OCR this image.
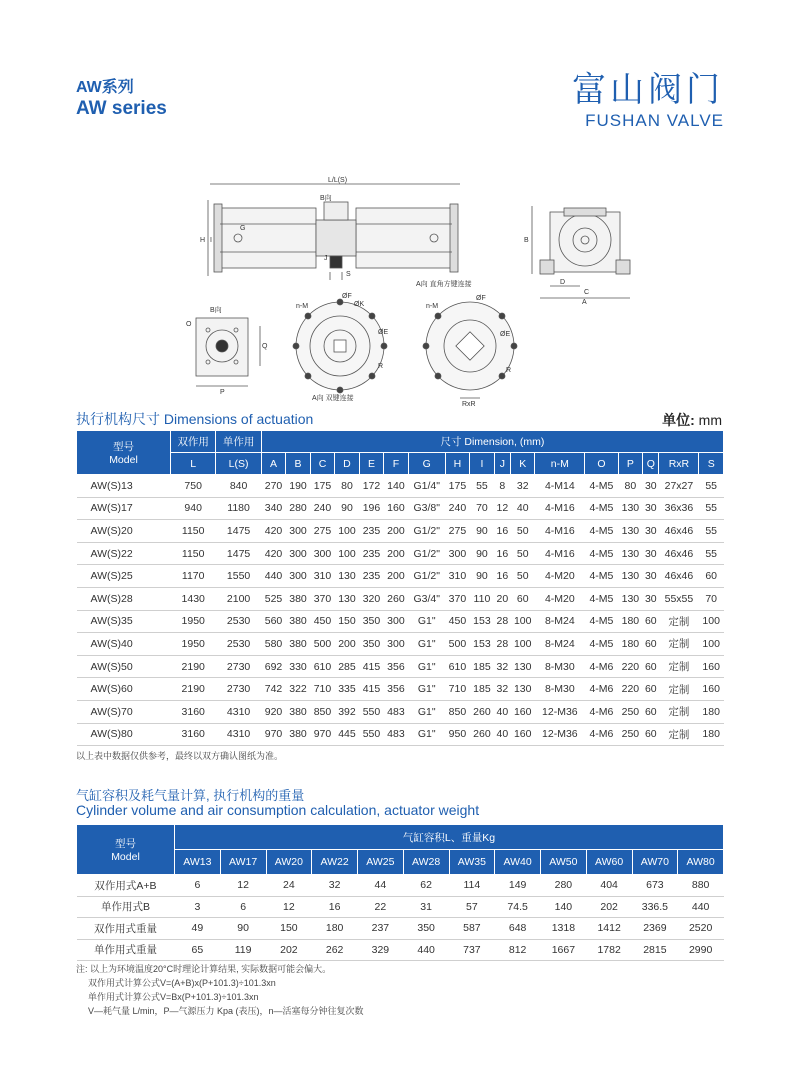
AW系列
AW series	富山阀门
FUSHAN VALVE
L/L(S)
B向
G
H I
J
S
A向 直角方键连接
B
D
C
A
B向
O
Q
P
n-M
ØF
ØK
ØE
R
A向 双键连接
n-M
ØF
ØE
R
RxR
执行机构尺寸 Dimensions of actuation	单位: mm
型号
Model	双作用	单作用	尺寸 Dimension, (mm)																
	L	L(S)	A	B	C	D	E	F	G	H	I	J	K	n-M	O	P	Q	RxR	S
AW(S)13	750	840	270	190	175	80	172	140	G1/4"	175	55	8	32	4-M14	4-M5	80	30	27x27	55
AW(S)17	940	1180	340	280	240	90	196	160	G3/8"	240	70	12	40	4-M16	4-M5	130	30	36x36	55
AW(S)20	1150	1475	420	300	275	100	235	200	G1/2"	275	90	16	50	4-M16	4-M5	130	30	46x46	55
AW(S)22	1150	1475	420	300	300	100	235	200	G1/2"	300	90	16	50	4-M16	4-M5	130	30	46x46	55
AW(S)25	1170	1550	440	300	310	130	235	200	G1/2"	310	90	16	50	4-M20	4-M5	130	30	46x46	60
AW(S)28	1430	2100	525	380	370	130	320	260	G3/4"	370	110	20	60	4-M20	4-M5	130	30	55x55	70
AW(S)35	1950	2530	560	380	450	150	350	300	G1"	450	153	28	100	8-M24	4-M5	180	60	定制	100
AW(S)40	1950	2530	580	380	500	200	350	300	G1"	500	153	28	100	8-M24	4-M5	180	60	定制	100
AW(S)50	2190	2730	692	330	610	285	415	356	G1"	610	185	32	130	8-M30	4-M6	220	60	定制	160
AW(S)60	2190	2730	742	322	710	335	415	356	G1"	710	185	32	130	8-M30	4-M6	220	60	定制	160
AW(S)70	3160	4310	920	380	850	392	550	483	G1"	850	260	40	160	12-M36	4-M6	250	60	定制	180
AW(S)80	3160	4310	970	380	970	445	550	483	G1"	950	260	40	160	12-M36	4-M6	250	60	定制	180
以上表中数据仅供参考，最终以双方确认图纸为准。
气缸容积及耗气量计算, 执行机构的重量
Cylinder volume and air consumption calculation, actuator weight
型号
Model	气缸容积L、重量Kg											
	AW13	AW17	AW20	AW22	AW25	AW28	AW35	AW40	AW50	AW60	AW70	AW80
双作用式A+B	6	12	24	32	44	62	114	149	280	404	673	880
单作用式B	3	6	12	16	22	31	57	74.5	140	202	336.5	440
双作用式重量	49	90	150	180	237	350	587	648	1318	1412	2369	2520
单作用式重量	65	119	202	262	329	440	737	812	1667	1782	2815	2990
注: 以上为环境温度20°C时理论计算结果, 实际数据可能会偏大。
双作用式计算公式V=(A+B)x(P+101.3)÷101.3xn
单作用式计算公式V=Bx(P+101.3)÷101.3xn
V—耗气量 L/min，P—气源压力 Kpa (表压)，n—活塞每分钟往复次数
